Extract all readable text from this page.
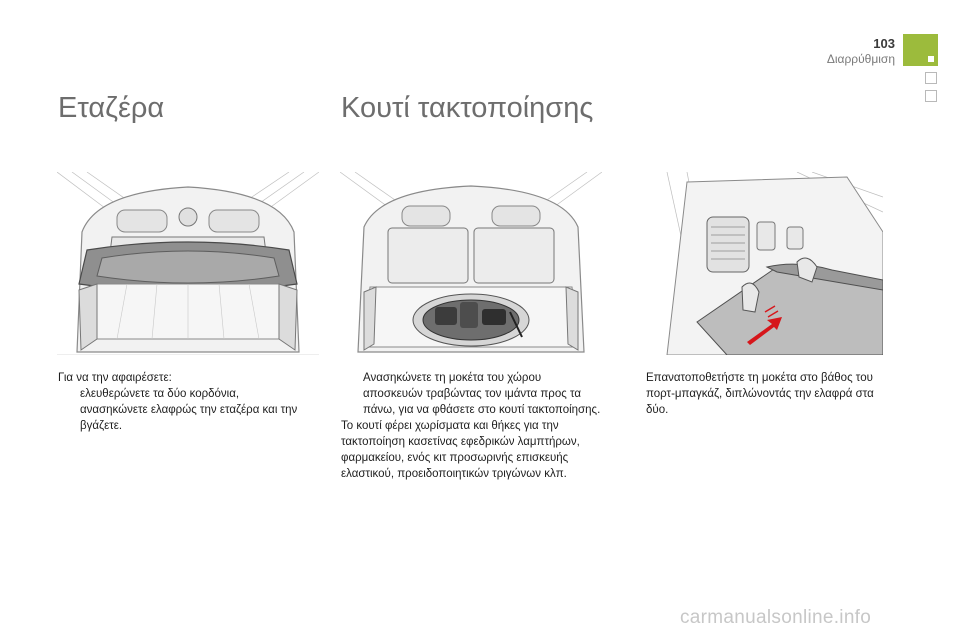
103
Διαρρύθμιση
Εταζέρα	Κουτί τακτοποίησης

Για να την αφαιρέσετε:

ελευθερώνετε τα δύο κορδόνια,
ανασηκώνετε ελαφρώς την εταζέρα και την βγάζετε.
Ανασηκώνετε τη μοκέτα του χώρου αποσκευών τραβώντας τον ιμάντα προς τα πάνω, για να φθάσετε στο κουτί τακτοποίησης.

Το κουτί φέρει χωρίσματα και θήκες για την τακτοποίηση κασετίνας εφεδρικών λαμπτήρων, φαρμακείου, ενός κιτ προσωρινής επισκευής ελαστικού, προειδοποιητικών τριγώνων κλπ.

Επανατοποθετήστε τη μοκέτα στο βάθος του πορτ-μπαγκάζ, διπλώνοντάς την ελαφρά στα δύο.
carmanualsonline.info
